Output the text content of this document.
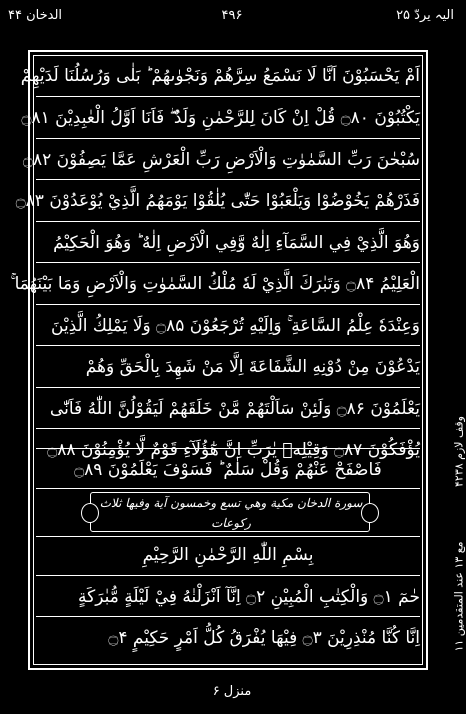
الیہ یردّ ۲۵
۴۹۶
الدخان ۴۴
اَمْ يَحْسَبُوْنَ اَنَّا لَا نَسْمَعُ سِرَّهُمْ وَنَجْوٰىهُمْ ؕ بَلٰى وَرُسُلُنَا لَدَيْهِمْ
يَكْتُبُوْنَ ۝۸۰ قُلْ اِنْ كَانَ لِلرَّحْمٰنِ وَلَدٌ ۖ فَاَنَا اَوَّلُ الْعٰبِدِيْنَ ۝۸۱
سُبْحٰنَ رَبِّ السَّمٰوٰتِ وَالْاَرْضِ رَبِّ الْعَرْشِ عَمَّا يَصِفُوْنَ ۝۸۲
فَذَرْهُمْ يَخُوْضُوْا وَيَلْعَبُوْا حَتّٰى يُلٰقُوْا يَوْمَهُمُ الَّذِيْ يُوْعَدُوْنَ ۝۸۳
وَهُوَ الَّذِيْ فِي السَّمَآءِ اِلٰهٌ وَّفِي الْاَرْضِ اِلٰهٌ ؕ وَهُوَ الْحَكِيْمُ
الْعَلِيْمُ ۝۸۴ وَتَبٰرَكَ الَّذِيْ لَهٗ مُلْكُ السَّمٰوٰتِ وَالْاَرْضِ وَمَا بَيْنَهُمَا ۚ
وَعِنْدَهٗ عِلْمُ السَّاعَةِ ۚ وَاِلَيْهِ تُرْجَعُوْنَ ۝۸۵ وَلَا يَمْلِكُ الَّذِيْنَ
يَدْعُوْنَ مِنْ دُوْنِهِ الشَّفَاعَةَ اِلَّا مَنْ شَهِدَ بِالْحَقِّ وَهُمْ
يَعْلَمُوْنَ ۝۸۶ وَلَئِنْ سَاَلْتَهُمْ مَّنْ خَلَقَهُمْ لَيَقُوْلُنَّ اللّٰهُ فَاَنّٰى
يُؤْفَكُوْنَ ۝۸۷ وَقِيْلِهٖ يٰرَبِّ اِنَّ هٰٓؤُلَآءِ قَوْمٌ لَّا يُؤْمِنُوْنَ ۝۸۸
فَاصْفَحْ عَنْهُمْ وَقُلْ سَلٰمٌ ؕ فَسَوْفَ يَعْلَمُوْنَ ۝۸۹
سورة الدخان مكية وهي تسع وخمسون آية وفيها ثلاث ركوعات
بِسْمِ اللّٰهِ الرَّحْمٰنِ الرَّحِيْمِ
حٰمٓ ۝۱ وَالْكِتٰبِ الْمُبِيْنِ ۝۲ اِنَّآ اَنْزَلْنٰهُ فِيْ لَيْلَةٍ مُّبٰرَكَةٍ
اِنَّا كُنَّا مُنْذِرِيْنَ ۝۳ فِيْهَا يُفْرَقُ كُلُّ اَمْرٍ حَكِيْمٍ ۝۴
وقف لازم ۴۲۳۸
مع ۱۳ عند المتقدمين ۱۱
منزل ۶
